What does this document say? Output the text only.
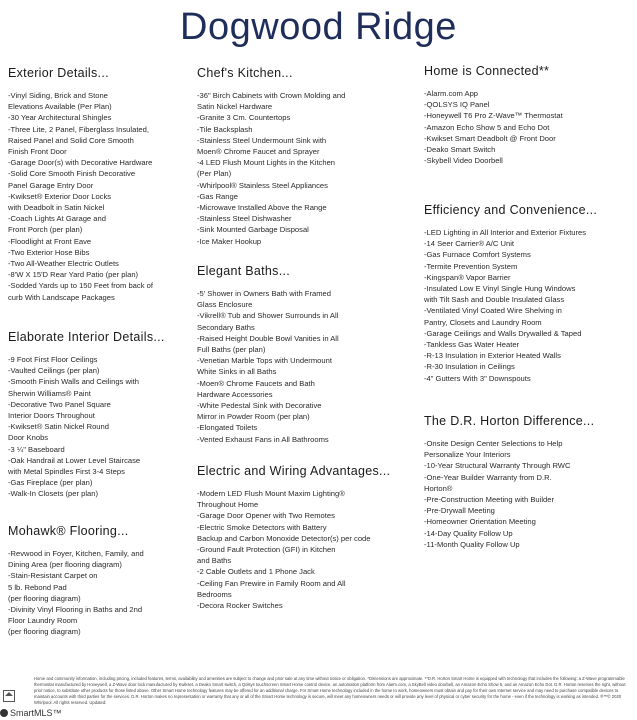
Dogwood Ridge
Exterior Details...
-Vinyl Siding, Brick and Stone
Elevations Available (Per Plan)
-30 Year Architectural Shingles
-Three Lite, 2 Panel, Fiberglass Insulated,
Raised Panel and Solid Core Smooth
Finish Front Door
-Garage Door(s) with Decorative Hardware
-Solid Core Smooth Finish Decorative
Panel Garage Entry Door
-Kwikset® Exterior Door Locks
with Deadbolt in Satin Nickel
-Coach Lights At Garage and
Front Porch (per plan)
-Floodlight at Front Eave
-Two Exterior Hose Bibs
-Two All-Weather Electric Outlets
-8'W X 15'D Rear Yard Patio (per plan)
-Sodded Yards up to 150 Feet from back of
curb With Landscape Packages
Elaborate Interior Details...
-9 Foot First Floor Ceilings
-Vaulted Ceilings (per plan)
-Smooth Finish Walls and Ceilings with
Sherwin Williams® Paint
-Decorative Two Panel Square
Interior Doors Throughout
-Kwikset® Satin Nickel Round
Door Knobs
-3 ¼" Baseboard
-Oak Handrail at Lower Level Staircase
with Metal Spindles First 3-4 Steps
-Gas Fireplace (per plan)
-Walk-In Closets (per plan)
Mohawk® Flooring...
-Revwood in Foyer, Kitchen, Family, and
Dining Area (per flooring diagram)
-Stain-Resistant Carpet on
5 lb. Rebond Pad
(per flooring diagram)
-Divinity Vinyl Flooring in Baths and 2nd
Floor Laundry Room
(per flooring diagram)
Chef's Kitchen...
-36" Birch Cabinets with Crown Molding and
Satin Nickel Hardware
-Granite 3 Cm. Countertops
-Tile Backsplash
-Stainless Steel Undermount Sink with
Moen® Chrome Faucet and Sprayer
-4 LED Flush Mount Lights in the Kitchen
(Per Plan)
-Whirlpool® Stainless Steel Appliances
-Gas Range
-Microwave Installed Above the Range
-Stainless Steel Dishwasher
-Sink Mounted Garbage Disposal
-Ice Maker Hookup
Elegant Baths...
-5' Shower in Owners Bath with Framed
Glass Enclosure
-Vikrell® Tub and Shower Surrounds in All
Secondary Baths
-Raised Height Double Bowl Vanities in All
Full Baths (per plan)
-Venetian Marble Tops with Undermount
White Sinks in all Baths
-Moen® Chrome Faucets and Bath
Hardware Accessories
-White Pedestal Sink with Decorative
Mirror in Powder Room (per plan)
-Elongated Toilets
-Vented Exhaust Fans in All Bathrooms
Electric and Wiring Advantages...
-Modern LED Flush Mount Maxim Lighting®
Throughout Home
-Garage Door Opener with Two Remotes
-Electric Smoke Detectors with Battery
Backup and Carbon Monoxide Detector(s) per code
-Ground Fault Protection (GFI) in Kitchen
and Baths
-2 Cable Outlets and 1 Phone Jack
-Ceiling Fan Prewire in Family Room and All
Bedrooms
-Decora Rocker Switches
Home is Connected**
-Alarm.com App
-QOLSYS IQ Panel
-Honeywell T6 Pro Z-Wave™ Thermostat
-Amazon Echo Show 5 and Echo Dot
-Kwikset Smart Deadbolt @ Front Door
-Deako Smart Switch
-Skybell Video Doorbell
Efficiency and Convenience...
-LED Lighting in All Interior and Exterior Fixtures
-14 Seer Carrier® A/C Unit
-Gas Furnace Comfort Systems
-Termite Prevention System
-Kingspan® Vapor Barrier
-Insulated Low E Vinyl Single Hung Windows
with Tilt Sash and Double Insulated Glass
-Ventilated Vinyl Coated Wire Shelving in
Pantry, Closets and Laundry Room
-Garage Ceilings and Walls Drywalled & Taped
-Tankless Gas Water Heater
-R-13 Insulation in Exterior Heated Walls
-R-30 Insulation in Ceilings
-4" Gutters With 3" Downspouts
The D.R. Horton Difference...
-Onsite Design Center Selections to Help
Personalize Your Interiors
-10-Year Structural Warranty Through RWC
-One-Year Builder Warranty from D.R.
Horton®
-Pre-Construction Meeting with Builder
-Pre-Drywall Meeting
-Homeowner Orientation Meeting
-14-Day Quality Follow Up
-11-Month Quality Follow Up
Home and community information, including pricing, included features, terms, availability and amenities are subject to change and prior sale at any time without notice or obligation. *Dimensions are approximate. **D.R. Horton Smart Home is equipped with technology that includes the following: a Z-Wave programmable thermostat manufactured by Honeywell, a Z-Wave door lock manufactured by Kwikset, a Deako Smart switch, a Qolsys touchscreen Smart Home control device, an automation platform from Alarm.com, a SkyBell video doorbell, an Amazon Echo Show 5, and an Amazon Echo Dot. D.R. Horton reserves the right, without prior notice, to substitute other products for those listed above. Other Smart Home technology features may be offered for an additional charge. For Smart Home technology included in the home to work, homeowners must obtain and pay for their own Internet service and may need to purchase compatible devices to maintain accounts with third parties for the services. D.R. Horton makes no representation or warranty that any or all of the Smart Home technology is secure, will meet any homeowners needs or will provide any level of physical or cyber security for the home - even if the technology is working as intended. ®™© 2020 Whirlpool. All rights reserved. Updated:
SmartMLS™
